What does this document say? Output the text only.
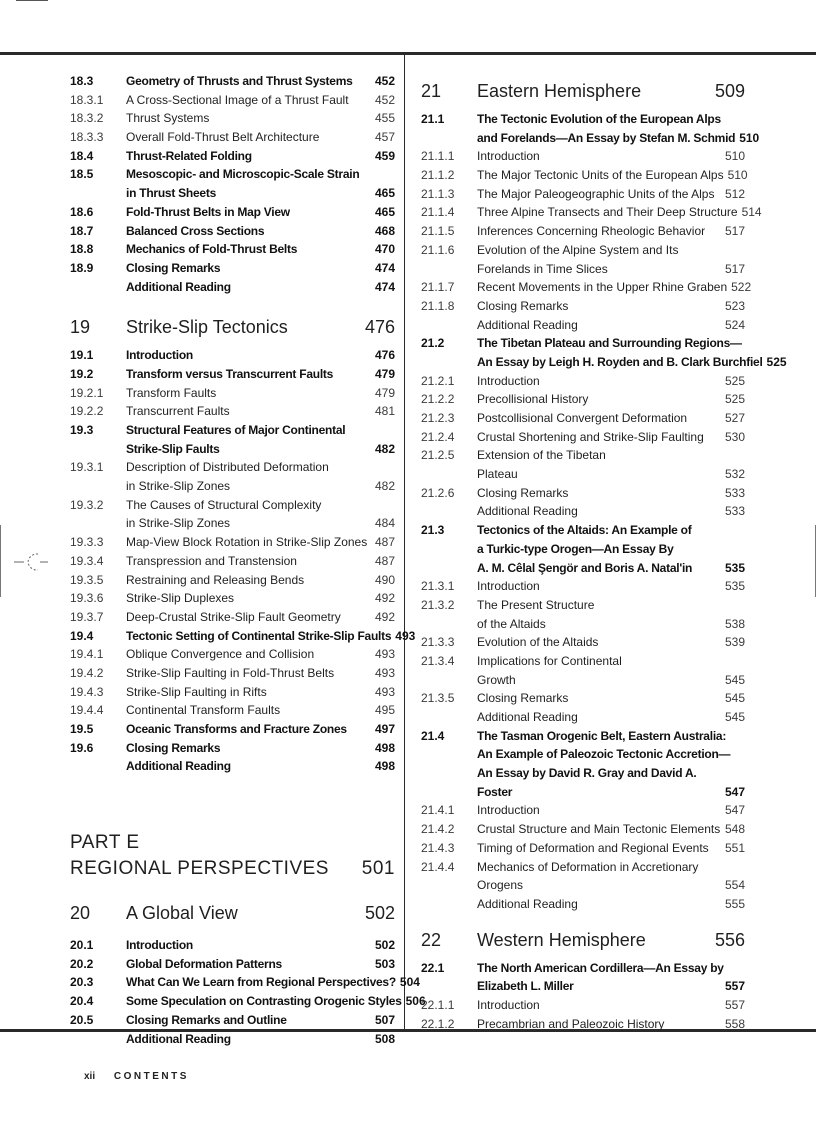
18.3	Geometry of Thrusts and Thrust Systems	452
18.3.1	A Cross-Sectional Image of a Thrust Fault	452
18.3.2	Thrust Systems	455
18.3.3	Overall Fold-Thrust Belt Architecture	457
18.4	Thrust-Related Folding	459
18.5	Mesoscopic- and Microscopic-Scale Strain
in Thrust Sheets	465
18.6	Fold-Thrust Belts in Map View	465
18.7	Balanced Cross Sections	468
18.8	Mechanics of Fold-Thrust Belts	470
18.9	Closing Remarks	474
Additional Reading	474
19	Strike-Slip Tectonics	476
19.1	Introduction	476
19.2	Transform versus Transcurrent Faults	479
19.2.1	Transform Faults	479
19.2.2	Transcurrent Faults	481
19.3	Structural Features of Major Continental
Strike-Slip Faults	482
19.3.1	Description of Distributed Deformation
in Strike-Slip Zones	482
19.3.2	The Causes of Structural Complexity
in Strike-Slip Zones	484
19.3.3	Map-View Block Rotation in Strike-Slip Zones 487
19.3.4	Transpression and Transtension	487
19.3.5	Restraining and Releasing Bends	490
19.3.6	Strike-Slip Duplexes	492
19.3.7	Deep-Crustal Strike-Slip Fault Geometry	492
19.4	Tectonic Setting of Continental Strike-Slip Faults 493
19.4.1	Oblique Convergence and Collision	493
19.4.2	Strike-Slip Faulting in Fold-Thrust Belts	493
19.4.3	Strike-Slip Faulting in Rifts	493
19.4.4	Continental Transform Faults	495
19.5	Oceanic Transforms and Fracture Zones	497
19.6	Closing Remarks	498
Additional Reading	498
PART E
REGIONAL PERSPECTIVES	501
20	A Global View	502
20.1	Introduction	502
20.2	Global Deformation Patterns	503
20.3	What Can We Learn from Regional Perspectives? 504
20.4	Some Speculation on Contrasting Orogenic Styles 506
20.5	Closing Remarks and Outline	507
Additional Reading	508
21	Eastern Hemisphere	509
21.1	The Tectonic Evolution of the European Alps
and Forelands—An Essay by Stefan M. Schmid 510
21.1.1	Introduction	510
21.1.2	The Major Tectonic Units of the European Alps 510
21.1.3	The Major Paleogeographic Units of the Alps 512
21.1.4	Three Alpine Transects and Their Deep Structure 514
21.1.5	Inferences Concerning Rheologic Behavior	517
21.1.6	Evolution of the Alpine System and Its
Forelands in Time Slices	517
21.1.7	Recent Movements in the Upper Rhine Graben 522
21.1.8	Closing Remarks	523
Additional Reading	524
21.2	The Tibetan Plateau and Surrounding Regions—
An Essay by Leigh H. Royden and B. Clark Burchfiel 525
21.2.1	Introduction	525
21.2.2	Precollisional History	525
21.2.3	Postcollisional Convergent Deformation	527
21.2.4	Crustal Shortening and Strike-Slip Faulting	530
21.2.5	Extension of the Tibetan
Plateau	532
21.2.6	Closing Remarks	533
Additional Reading	533
21.3	Tectonics of the Altaids: An Example of
a Turkic-type Orogen—An Essay By
A. M. Cêlal Şengör and Boris A. Natal'in	535
21.3.1	Introduction	535
21.3.2	The Present Structure
of the Altaids	538
21.3.3	Evolution of the Altaids	539
21.3.4	Implications for Continental
Growth	545
21.3.5	Closing Remarks	545
Additional Reading	545
21.4	The Tasman Orogenic Belt, Eastern Australia:
An Example of Paleozoic Tectonic Accretion—
An Essay by David R. Gray and David A.
Foster	547
21.4.1	Introduction	547
21.4.2	Crustal Structure and Main Tectonic Elements 548
21.4.3	Timing of Deformation and Regional Events	551
21.4.4	Mechanics of Deformation in Accretionary
Orogens	554
Additional Reading	555
22	Western Hemisphere	556
22.1	The North American Cordillera—An Essay by
Elizabeth L. Miller	557
22.1.1	Introduction	557
22.1.2	Precambrian and Paleozoic History	558
xii CONTENTS
